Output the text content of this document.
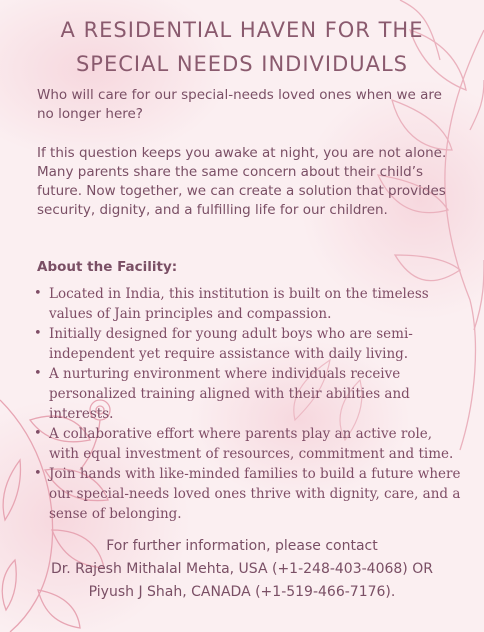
A RESIDENTIAL HAVEN FOR THE
SPECIAL NEEDS INDIVIDUALS

Who will care for our special-needs loved ones when we are no longer here?

If this question keeps you awake at night, you are not alone. Many parents share the same concern about their child’s future. Now together, we can create a solution that provides security, dignity, and a fulfilling life for our children.

About the Facility:
• Located in India, this institution is built on the timeless values of Jain principles and compassion.
• Initially designed for young adult boys who are semi-independent yet require assistance with daily living.
• A nurturing environment where individuals receive personalized training aligned with their abilities and interests.
• A collaborative effort where parents play an active role, with equal investment of resources, commitment and time.
• Join hands with like-minded families to build a future where our special-needs loved ones thrive with dignity, care, and a sense of belonging.
For further information, please contact
Dr. Rajesh Mithalal Mehta, USA (+1-248-403-4068) OR
Piyush J Shah, CANADA (+1-519-466-7176).
